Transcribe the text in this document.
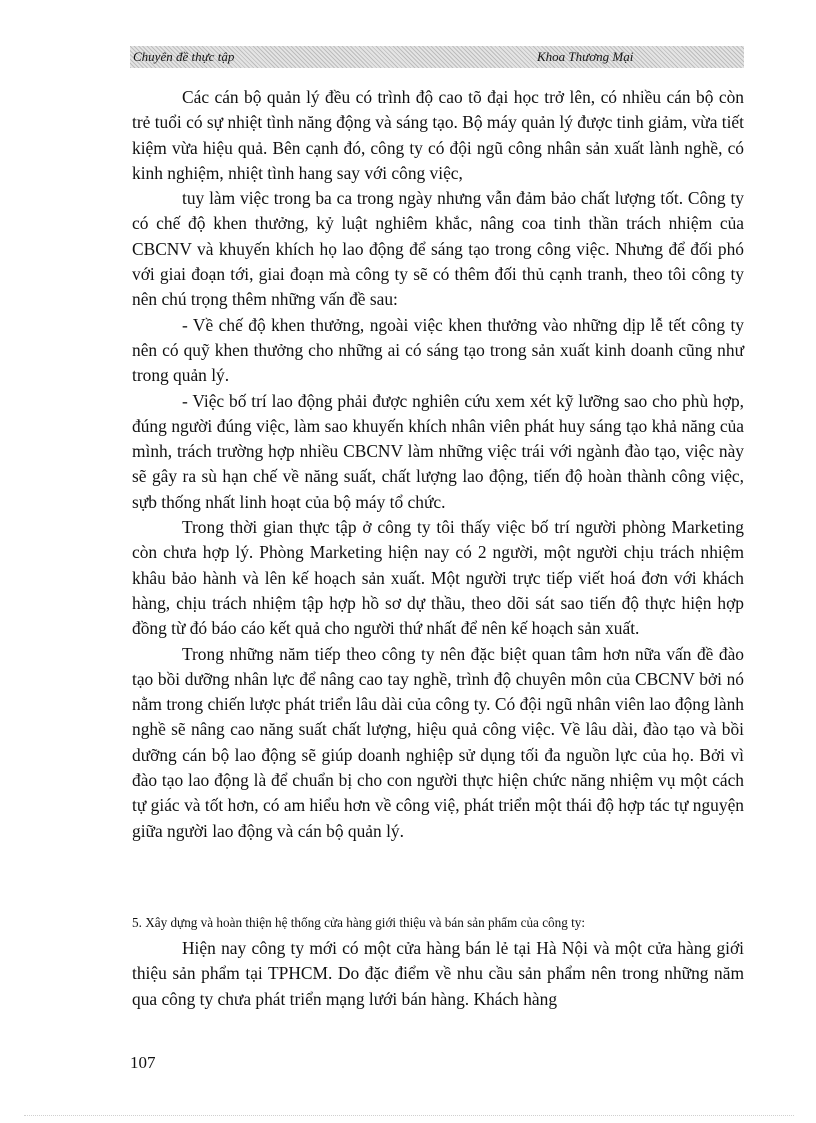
Chuyên đề thực tập	Khoa Thương Mại

Các cán bộ quản lý đều có trình độ cao tõ đại học trở lên, có nhiều cán bộ còn trẻ tuổi có sự nhiệt tình năng động và sáng tạo. Bộ máy quản lý được tinh giảm, vừa tiết kiệm vừa hiệu quả. Bên cạnh đó, công ty có đội ngũ công nhân sản xuất lành nghề, có kinh nghiệm, nhiệt tình hang say với công việc,

tuy làm việc trong ba ca trong ngày nhưng vẫn đảm bảo chất lượng tốt. Công ty có chế độ khen thưởng, kỷ luật nghiêm khắc, nâng coa tinh thần trách nhiệm của CBCNV và khuyến khích họ lao động để sáng tạo trong công việc. Nhưng để đối phó với giai đoạn tới, giai đoạn mà công ty sẽ có thêm đối thủ cạnh tranh, theo tôi công ty nên chú trọng thêm những vấn đề sau:

- Về chế độ khen thưởng, ngoài việc khen thưởng vào những dịp lễ tết công ty nên có quỹ khen thưởng cho những ai có sáng tạo trong sản xuất kinh doanh cũng như trong quản lý.

- Việc bố trí lao động phải được nghiên cứu xem xét kỹ lưỡng sao cho phù hợp, đúng người đúng việc, làm sao khuyến khích nhân viên phát huy sáng tạo khả năng của mình, trách trường hợp nhiều CBCNV làm những việc trái với ngành đào tạo, việc này sẽ gây ra sù hạn chế về năng suất, chất lượng lao động, tiến độ hoàn thành công việc, sựb thống nhất linh hoạt của bộ máy tổ chức.

Trong thời gian thực tập ở công ty tôi thấy việc bố trí người phòng Marketing còn chưa hợp lý. Phòng Marketing hiện nay có 2 người, một người chịu trách nhiệm khâu bảo hành và lên kế hoạch sản xuất. Một người trực tiếp viết hoá đơn với khách hàng, chịu trách nhiệm tập hợp hồ sơ dự thầu, theo dõi sát sao tiến độ thực hiện hợp đồng từ đó báo cáo kết quả cho người thứ nhất để nên kế hoạch sản xuất.

Trong những năm tiếp theo công ty nên đặc biệt quan tâm hơn nữa vấn đề đào tạo bồi dưỡng nhân lực để nâng cao tay nghề, trình độ chuyên môn của CBCNV bởi nó nằm trong chiến lược phát triển lâu dài của công ty. Có đội ngũ nhân viên lao động lành nghề sẽ nâng cao năng suất chất lượng, hiệu quả công việc. Về lâu dài, đào tạo và bồi dưỡng cán bộ lao động sẽ giúp doanh nghiệp sử dụng tối đa nguồn lực của họ. Bởi vì đào tạo lao động là để chuẩn bị cho con người thực hiện chức năng nhiệm vụ một cách tự giác và tốt hơn, có am hiểu hơn về công việ, phát triển một thái độ hợp tác tự nguyện giữa người lao động và cán bộ quản lý.

5. Xây dựng và hoàn thiện hệ thống cửa hàng giới thiệu và bán sản phẩm của công ty:

Hiện nay công ty mới có một cửa hàng bán lẻ tại Hà Nội và một cửa hàng giới thiệu sản phẩm tại TPHCM. Do đặc điểm về nhu cầu sản phẩm nên trong những năm qua công ty chưa phát triển mạng lưới bán hàng. Khách hàng

107
